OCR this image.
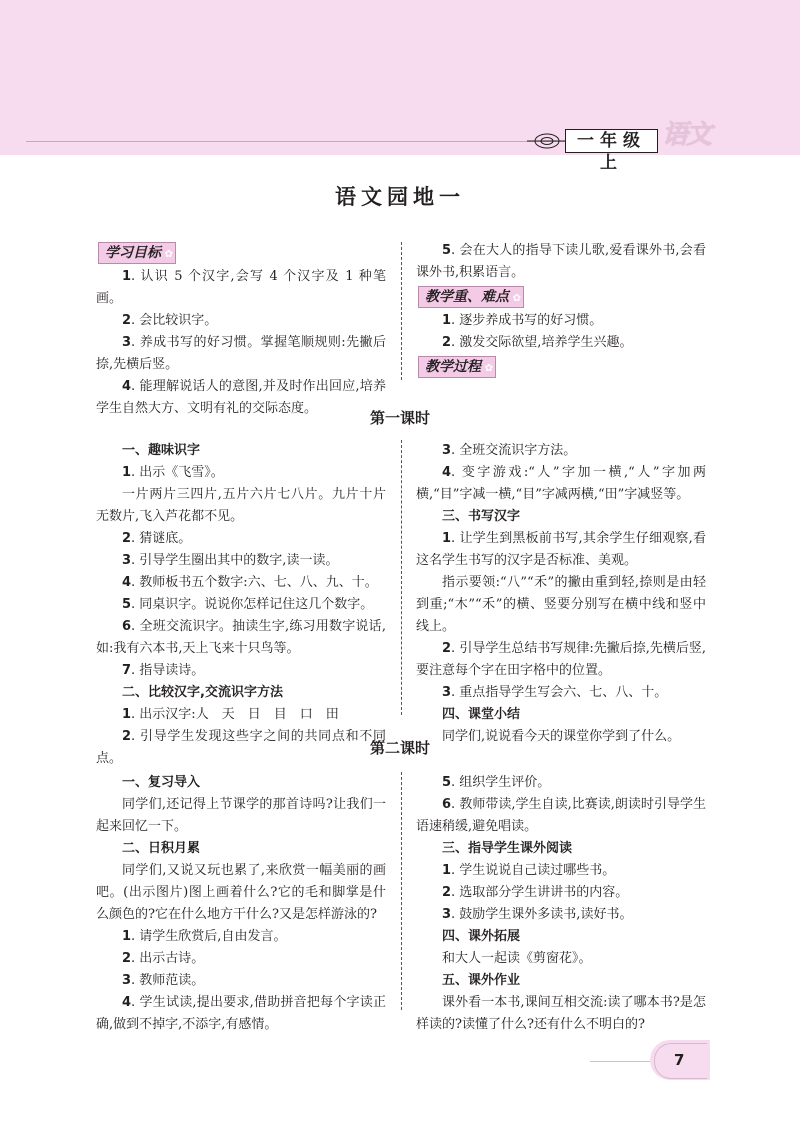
一年级上
语文
语文园地一
学习目标 ✿

1. 认识 5 个汉字,会写 4 个汉字及 1 种笔画。

2. 会比较识字。

3. 养成书写的好习惯。掌握笔顺规则:先撇后捺,先横后竖。

4. 能理解说话人的意图,并及时作出回应,培养学生自然大方、文明有礼的交际态度。

5. 会在大人的指导下读儿歌,爱看课外书,会看课外书,积累语言。

教学重、难点 ✿

1. 逐步养成书写的好习惯。

2. 激发交际欲望,培养学生兴趣。

教学过程 ✿
第一课时
一、趣味识字

1. 出示《飞雪》。

一片两片三四片,五片六片七八片。九片十片无数片,飞入芦花都不见。

2. 猜谜底。

3. 引导学生圈出其中的数字,读一读。

4. 教师板书五个数字:六、七、八、九、十。

5. 同桌识字。说说你怎样记住这几个数字。

6. 全班交流识字。抽读生字,练习用数字说话,如:我有六本书,天上飞来十只鸟等。

7. 指导读诗。

二、比较汉字,交流识字方法

1. 出示汉字:人　天　日　目　口　田

2. 引导学生发现这些字之间的共同点和不同点。

3. 全班交流识字方法。

4. 变字游戏:“人”字加一横,“人”字加两横,“目”字减一横,“目”字减两横,“田”字减竖等。

三、书写汉字

1. 让学生到黑板前书写,其余学生仔细观察,看这名学生书写的汉字是否标准、美观。

指示要领:“八”“禾”的撇由重到轻,捺则是由轻到重;“木”“禾”的横、竖要分别写在横中线和竖中线上。

2. 引导学生总结书写规律:先撇后捺,先横后竖,要注意每个字在田字格中的位置。

3. 重点指导学生写会六、七、八、十。

四、课堂小结

同学们,说说看今天的课堂你学到了什么。

第二课时
一、复习导入

同学们,还记得上节课学的那首诗吗?让我们一起来回忆一下。

二、日积月累

同学们,又说又玩也累了,来欣赏一幅美丽的画吧。(出示图片)图上画着什么?它的毛和脚掌是什么颜色的?它在什么地方干什么?又是怎样游泳的?

1. 请学生欣赏后,自由发言。

2. 出示古诗。

3. 教师范读。

4. 学生试读,提出要求,借助拼音把每个字读正确,做到不掉字,不添字,有感情。

5. 组织学生评价。

6. 教师带读,学生自读,比赛读,朗读时引导学生语速稍缓,避免唱读。

三、指导学生课外阅读

1. 学生说说自己读过哪些书。

2. 选取部分学生讲讲书的内容。

3. 鼓励学生课外多读书,读好书。

四、课外拓展

和大人一起读《剪窗花》。

五、课外作业

课外看一本书,课间互相交流:读了哪本书?是怎样读的?读懂了什么?还有什么不明白的?

7
